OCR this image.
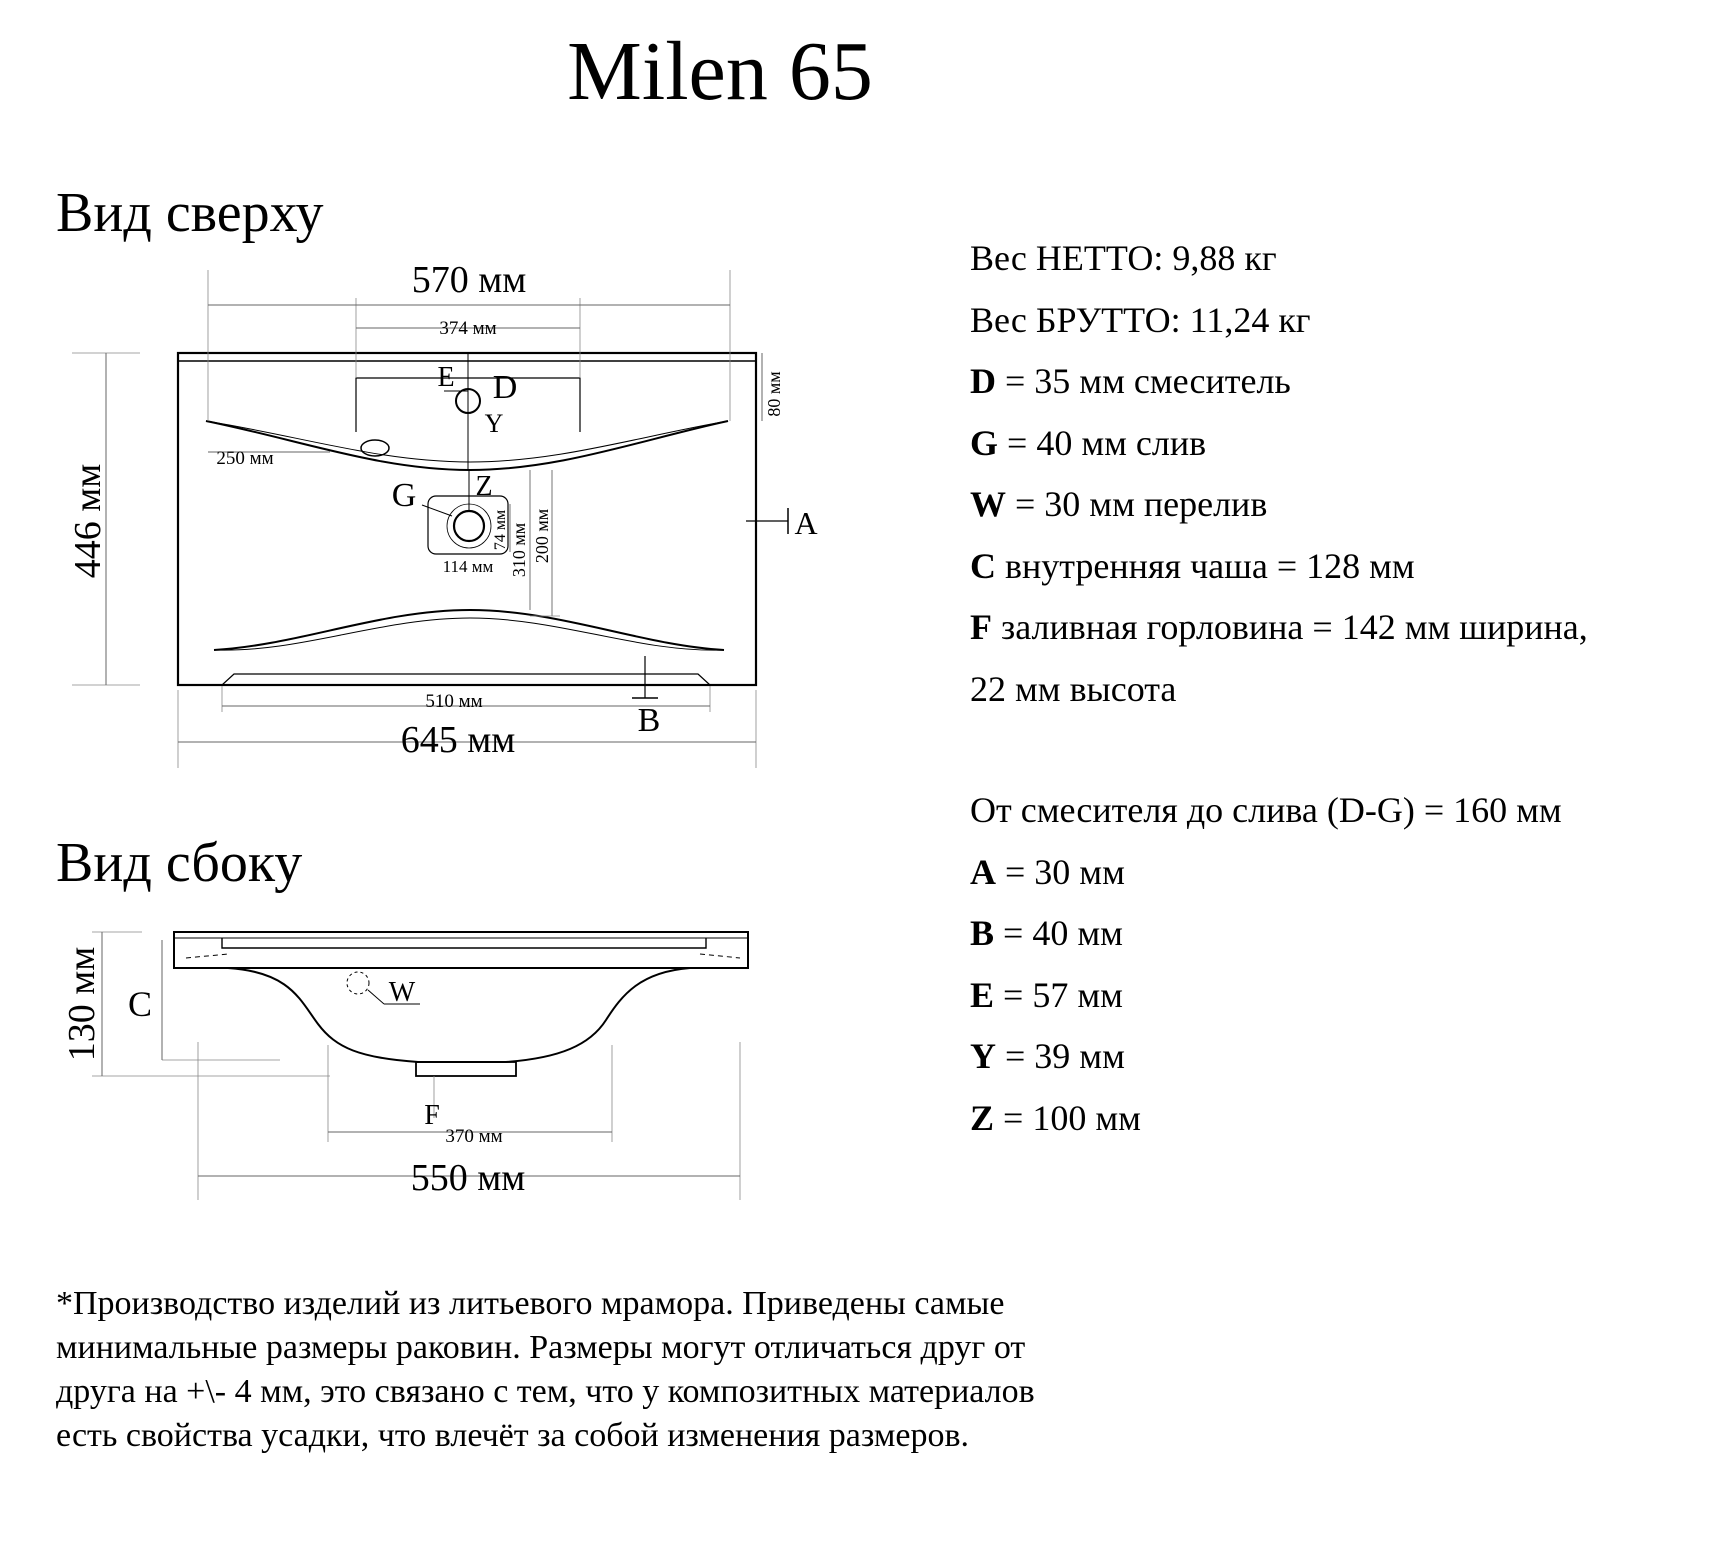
Milen 65
Вид сверху
Вид сбоку
570 мм
374 мм
80 мм
250 мм
446 мм	74 мм
114 мм 310 мм 200 мм
510 мм
645 мм
E D
Y
Z
G
A
B
130 мм C	W
F
370 мм
550 мм
Вес НЕТТО: 9,88 кг
Вес БРУТТО: 11,24 кг
D = 35 мм смеситель
G = 40 мм слив
W = 30 мм перелив
C внутренняя чаша = 128 мм
F заливная горловина = 142 мм ширина,
22 мм высота
От смесителя до слива (D-G) = 160 мм
A = 30 мм
B = 40 мм
E = 57 мм
Y = 39 мм
Z = 100 мм
*Производство изделий из литьевого мрамора. Приведены самые минимальные размеры раковин. Размеры могут отличаться друг от друга на +\- 4 мм, это связано с тем, что у композитных материалов есть свойства усадки, что влечёт за собой изменения размеров.
